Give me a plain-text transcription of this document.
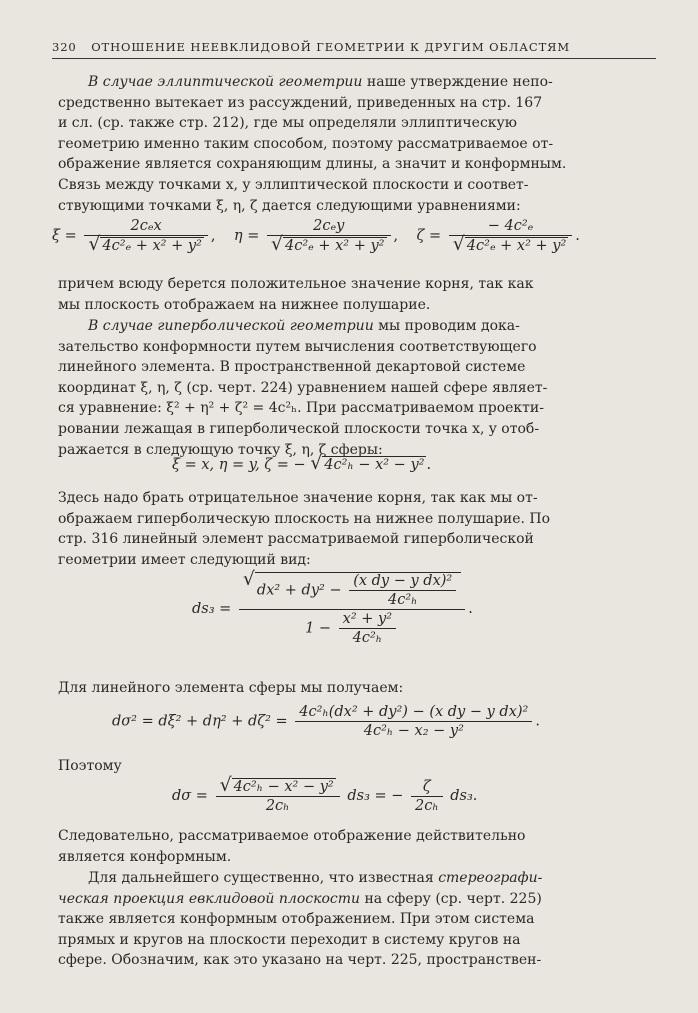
320 ОТНОШЕНИЕ НЕЕВКЛИДОВОЙ ГЕОМЕТРИИ К ДРУГИМ ОБЛАСТЯМ
В случае эллиптической геометрии наше утверждение непо-
средственно вытекает из рассуждений, приведенных на стр. 167
и сл. (ср. также стр. 212), где мы определяли эллиптическую
геометрию именно таким способом, поэтому рассматриваемое от-
ображение является сохраняющим длины, а значит и конформным.
Связь между точками x, y эллиптической плоскости и соответ-
ствующими точками ξ, η, ζ дается следующими уравнениями:
ξ = 2cₑx
√ 4c²ₑ + x² + y² ,    η = 2cₑy
√ 4c²ₑ + x² + y² ,    ζ = − 4c²ₑ
√ 4c²ₑ + x² + y² .
причем всюду берется положительное значение корня, так как
мы плоскость отображаем на нижнее полушарие.
В случае гиперболической геометрии мы проводим дока-
зательство конформности путем вычисления соответствующего
линейного элемента. В пространственной декартовой системе
координат ξ, η, ζ (ср. черт. 224) уравнением нашей сфере являет-
ся уравнение: ξ² + η² + ζ² = 4c²ₕ. При рассматриваемом проекти-
ровании лежащая в гиперболической плоскости точка x, y отоб-
ражается в следующую точку ξ, η, ζ сферы:
ξ = x, η = y, ζ = − √ 4c²ₕ − x² − y² .
Здесь надо брать отрицательное значение корня, так как мы от-
ображаем гиперболическую плоскость на нижнее полушарие. По
стр. 316 линейный элемент рассматриваемой гиперболической
геометрии имеет следующий вид:
ds₃ =
√ $dx^2 + dy^2 - \frac{\text{(x dy − y dx)²}}{\text{4c²ₕ}}$
$1 - \frac{\text{x² + y²}}{\text{4c²ₕ}}$
.
Для линейного элемента сферы мы получаем:
$d\sigma^2 = d\xi^2 + d\eta^2 + d\zeta^2 = \frac{\text{4c²ₕ(dx² + dy²) − (x dy − y dx)²}}{\text{4c²ₕ − x₂ − y²}}$ .
Поэтому
dσ =
√ $\frac{\text{4c²ₕ − x² − y²}}{\text{2cₕ}} ds_3$ = − $\frac{\zeta}{\text{2cₕ}} ds_3$.
Следовательно, рассматриваемое отображение действительно
является конформным.
Для дальнейшего существенно, что известная стереографи-
ческая проекция евклидовой плоскости на сферу (ср. черт. 225)
также является конформным отображением. При этом система
прямых и кругов на плоскости переходит в систему кругов на
сфере. Обозначим, как это указано на черт. 225, пространствен-
